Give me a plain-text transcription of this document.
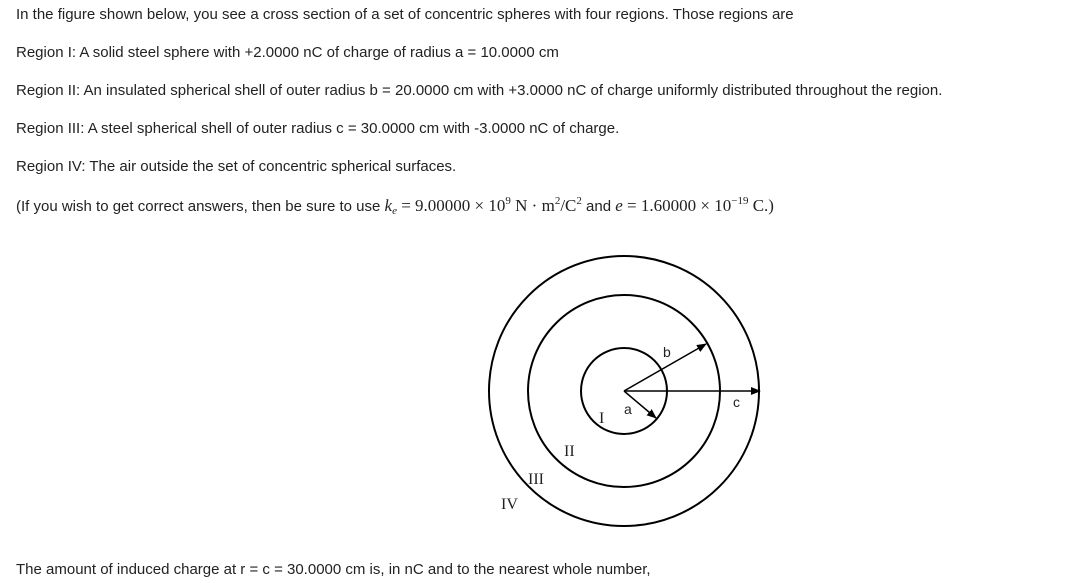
In the figure shown below, you see a cross section of a set of concentric spheres with four regions. Those regions are

Region I: A solid steel sphere with +2.0000 nC of charge of radius a = 10.0000 cm

Region II: An insulated spherical shell of outer radius b = 20.0000 cm with +3.0000 nC of charge uniformly distributed throughout the region.

Region III: A steel spherical shell of outer radius c = 30.0000 cm with -3.0000 nC of charge.

Region IV: The air outside the set of concentric spherical surfaces.

(If you wish to get correct answers, then be sure to use $k_e = 9.00000 \times 10^9$ $N \cdot m^2/C^2$ and $e = 1.60000 \times 10^{-19}$ C.)

a
b
c
I
II
III
IV

The amount of induced charge at r = c = 30.0000 cm is, in nC and to the nearest whole number,
